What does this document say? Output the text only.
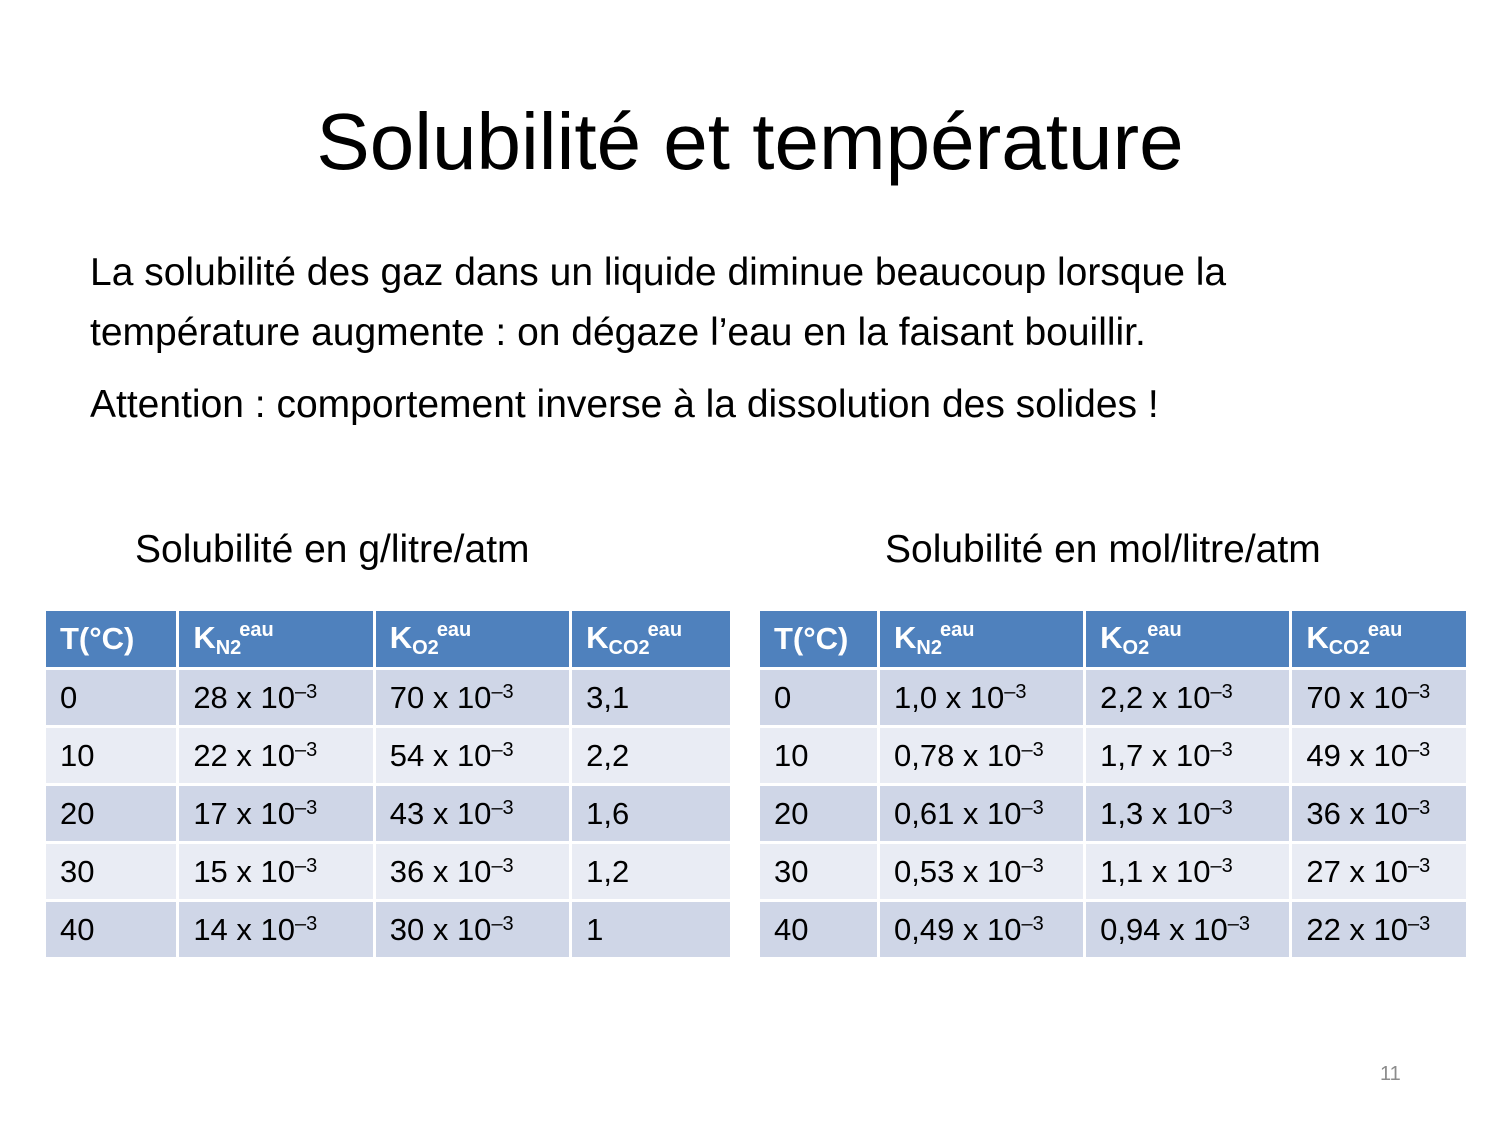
Solubilité et température

La solubilité des gaz dans un liquide diminue beaucoup lorsque la température augmente : on dégaze l’eau en la faisant bouillir.

Attention : comportement inverse à la dissolution des solides !

Solubilité en g/litre/atm	Solubilité en mol/litre/atm
T(°C)	$K_{N2}^{eau}$	$K_{O2}^{eau}$	$K_{CO2}^{eau}$
0	28 x $10^{-3}$	70 x $10^{-3}$	3,1
10	22 x $10^{-3}$	54 x $10^{-3}$	2,2
20	17 x $10^{-3}$	43 x $10^{-3}$	1,6
30	15 x $10^{-3}$	36 x $10^{-3}$	1,2
40	14 x $10^{-3}$	30 x $10^{-3}$	1
T(°C)	$K_{N2}^{eau}$	$K_{O2}^{eau}$	$K_{CO2}^{eau}$
0	1,0 x $10^{-3}$	2,2 x $10^{-3}$	70 x $10^{-3}$
10	0,78 x $10^{-3}$	1,7 x $10^{-3}$	49 x $10^{-3}$
20	0,61 x $10^{-3}$	1,3 x $10^{-3}$	36 x $10^{-3}$
30	0,53 x $10^{-3}$	1,1 x $10^{-3}$	27 x $10^{-3}$
40	0,49 x $10^{-3}$	0,94 x $10^{-3}$	22 x $10^{-3}$
11
